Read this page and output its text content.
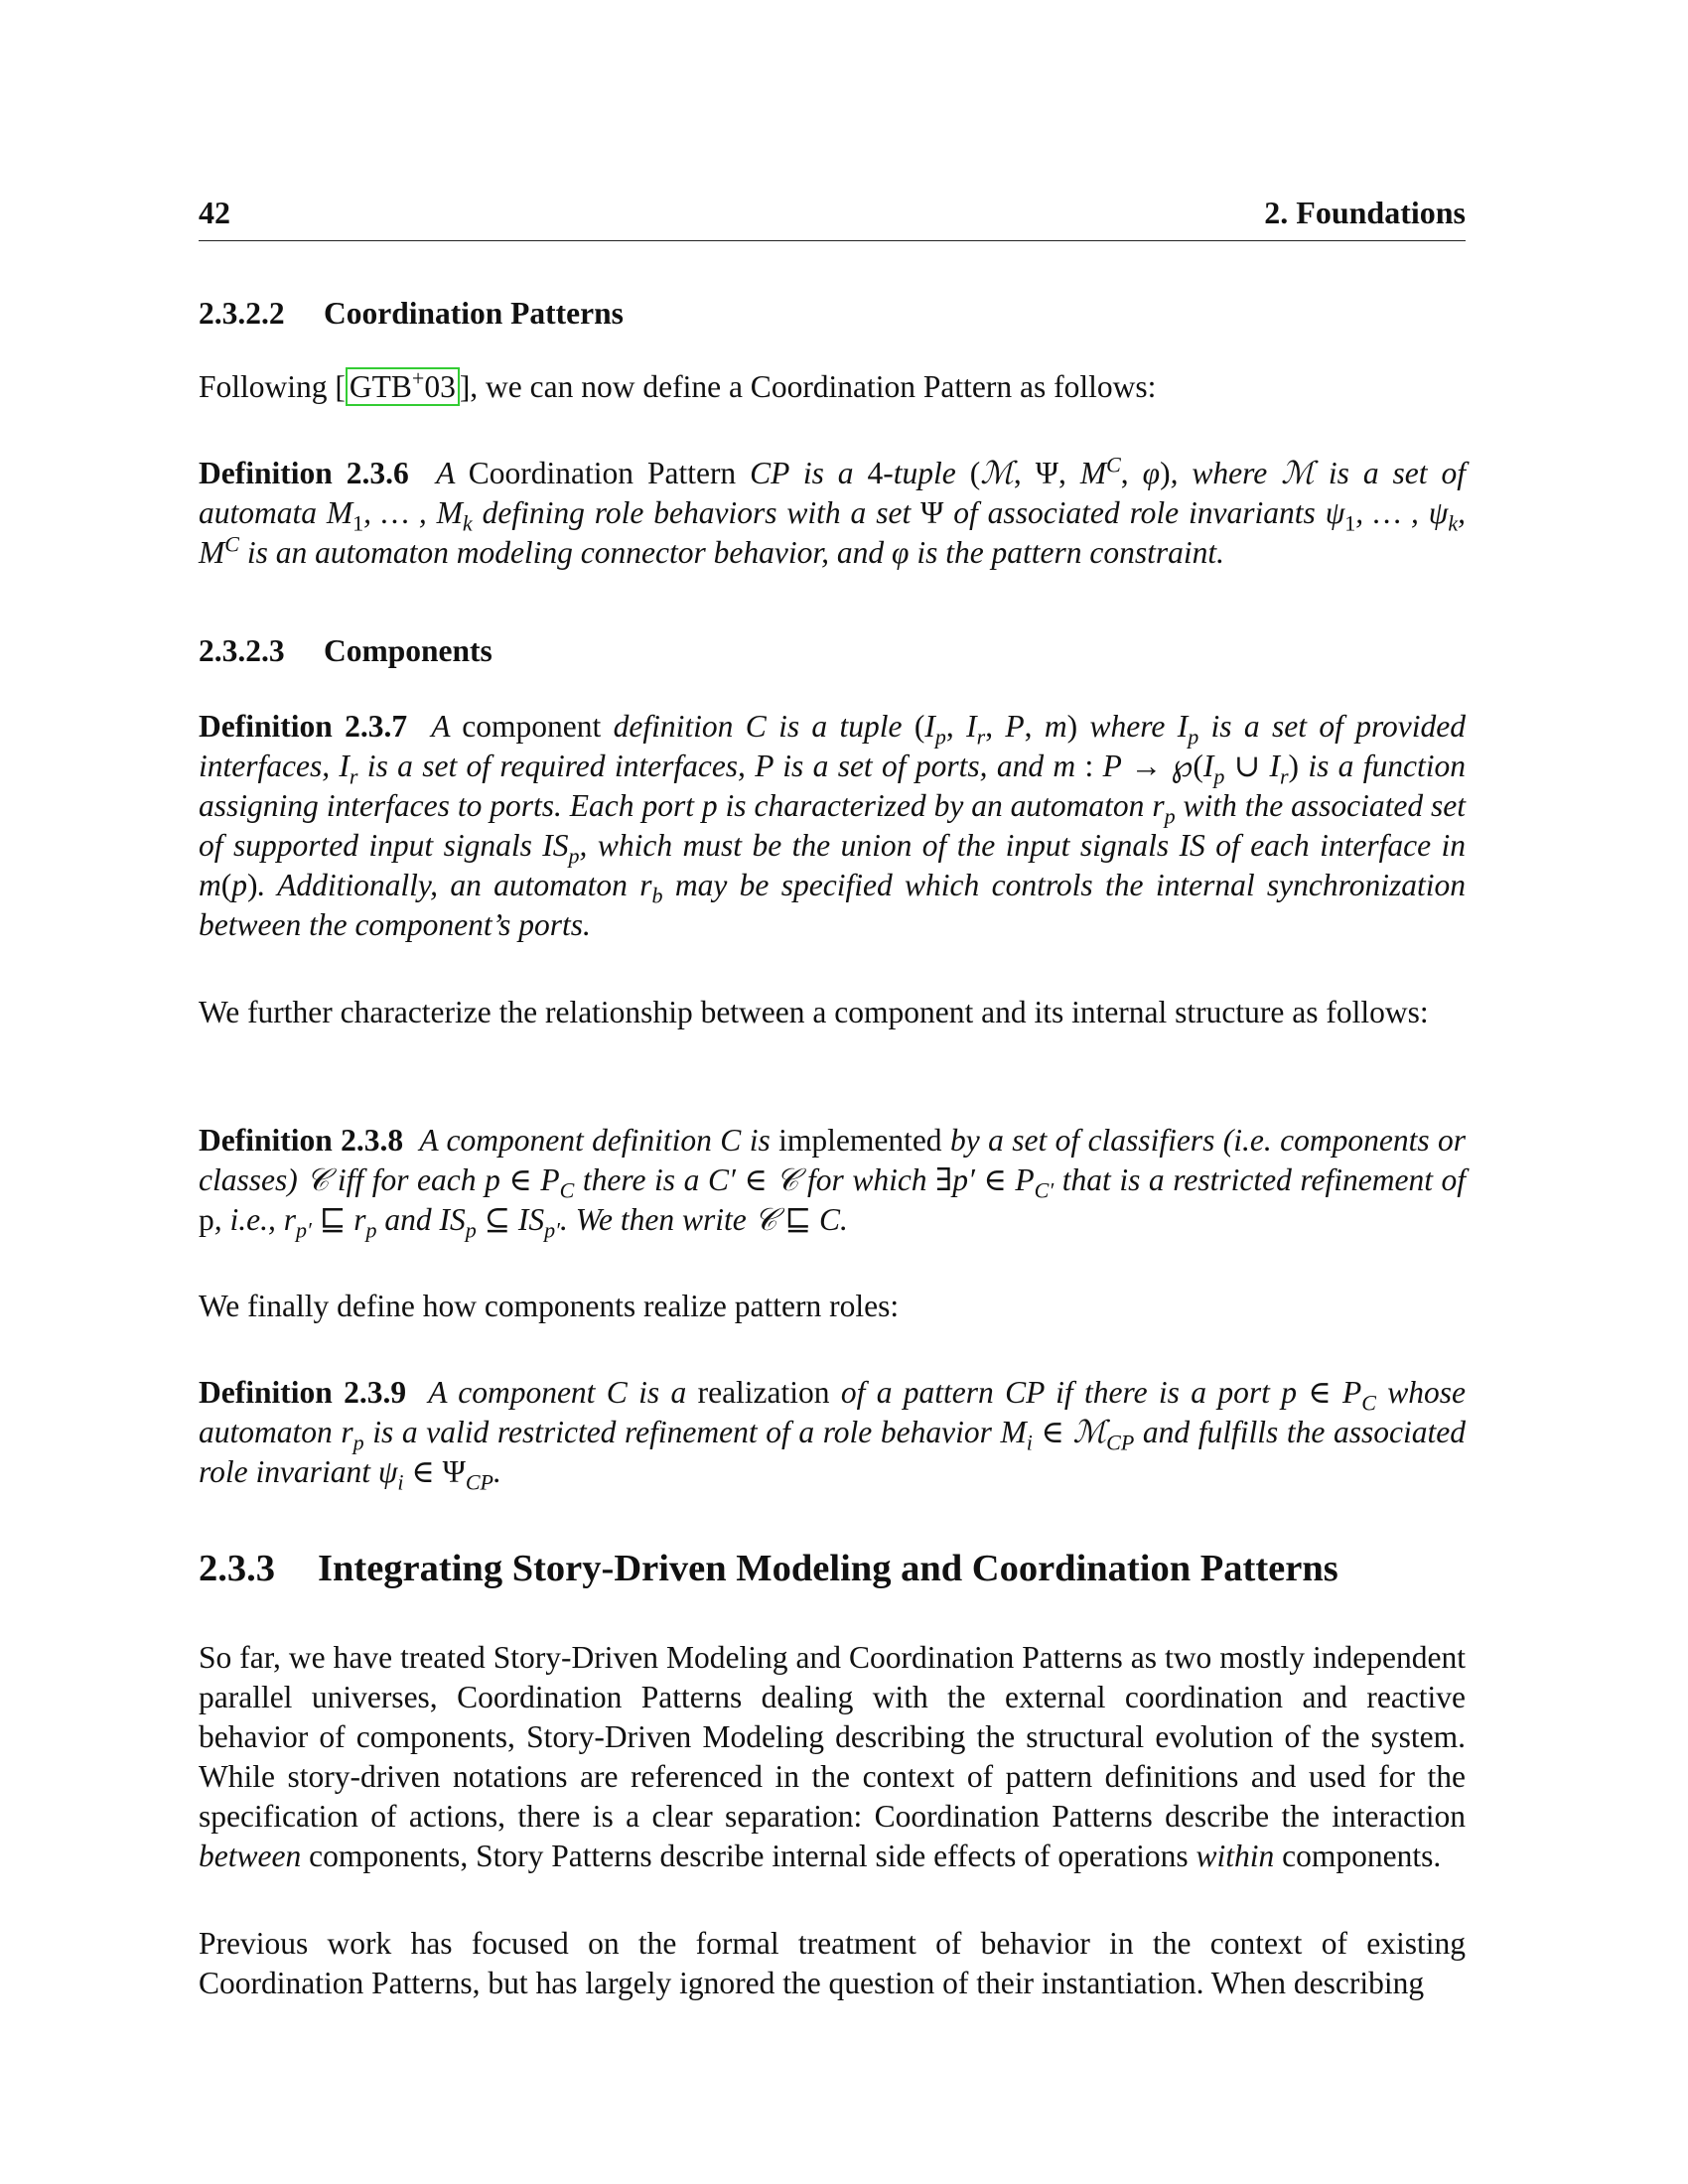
42	2. Foundations
2.3.2.2 Coordination Patterns
Following [ GTB+03 ], we can now define a Coordination Pattern as follows:
Definition 2.3.6  A Coordination Pattern CP is a 4-tuple (ℳ, Ψ, $M^C$, φ), where ℳ is a set of automata $M_1$, … , $M_k$ defining role behaviors with a set Ψ of associated role invariants $\psi_1$, … , $\psi_k$, $M^C$ is an automaton modeling connector behavior, and φ is the pattern constraint.
2.3.2.3 Components
Definition 2.3.7  A component definition C is a tuple ($I_p$, $I_r$, P, m) where $I_p$ is a set of provided interfaces, $I_r$ is a set of required interfaces, P is a set of ports, and m : $P \to ℘(I_p$ ∪ $I_r$) is a function assigning interfaces to ports. Each port p is characterized by an automaton $r_p$ with the associated set of supported input signals $IS_p$, which must be the union of the input signals IS of each interface in m(p). Additionally, an automaton $r_b$ may be specified which controls the internal synchronization between the component’s ports.
We further characterize the relationship between a component and its internal structure as follows:
Definition 2.3.8  A component definition C is implemented by a set of classifiers (i.e. components or classes) 𝒞 iff for each p ∈ $P_C$ there is a C′ ∈ 𝒞 for which ∃p′ ∈ $P_{C'}$ that is a restricted refinement of p, i.e., $r_{p'}$ ⊑ $r_p$ and $IS_p$ ⊆ $IS_{p'}$. We then write 𝒞 ⊑ C.
We finally define how components realize pattern roles:
Definition 2.3.9  A component C is a realization of a pattern CP if there is a port p ∈ $P_C$ whose automaton $r_p$ is a valid restricted refinement of a role behavior $M_i$ ∈ ℳ$_{CP}$ and fulfills the associated role invariant $\psi_i$ ∈ $\Psi_{CP}$.
2.3.3 Integrating Story-Driven Modeling and Coordination Patterns
So far, we have treated Story-Driven Modeling and Coordination Patterns as two mostly independent parallel universes, Coordination Patterns dealing with the external coordination and reactive behavior of components, Story-Driven Modeling describing the structural evolution of the system. While story-driven notations are referenced in the context of pattern definitions and used for the specification of actions, there is a clear separation: Coordination Patterns describe the interaction between components, Story Patterns describe internal side effects of operations within components.
Previous work has focused on the formal treatment of behavior in the context of existing Coordination Patterns, but has largely ignored the question of their instantiation. When describing
